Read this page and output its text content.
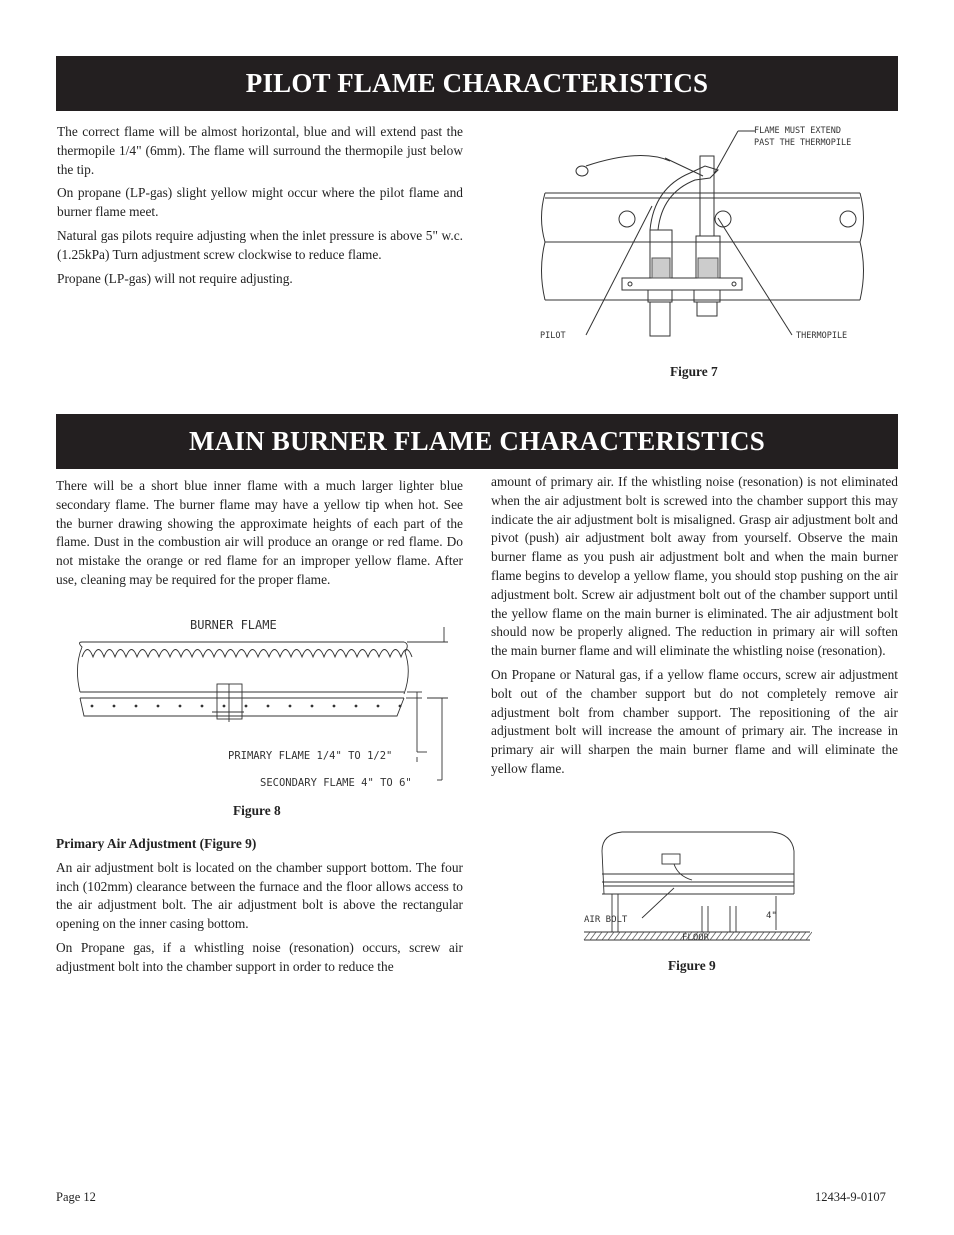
PILOT FLAME CHARACTERISTICS

The correct flame will be almost horizontal, blue and will extend past the thermopile 1/4" (6mm). The flame will surround the thermopile just below the tip.

On propane (LP-gas) slight yellow might occur where the pilot flame and burner flame meet.

Natural gas pilots require adjusting when the inlet pressure is above 5" w.c. (1.25kPa) Turn adjustment screw clockwise to reduce flame.

Propane (LP-gas) will not require adjusting.

FLAME MUST EXTEND
PAST THE THERMOPILE
PILOT	THERMOPILE
Figure 7
MAIN BURNER FLAME CHARACTERISTICS

There will be a short blue inner flame with a much larger lighter blue secondary flame. The burner flame may have a yellow tip when hot. See the burner drawing showing the approximate heights of each part of the flame. Dust in the combustion air will produce an orange or red flame. Do not mistake the orange or red flame for an improper yellow flame. After use, cleaning may be required for the proper flame.

BURNER FLAME
PRIMARY FLAME 1/4" TO 1/2"
SECONDARY FLAME 4" TO 6"
Figure 8

Primary Air Adjustment (Figure 9)

An air adjustment bolt is located on the chamber support bottom. The four inch (102mm) clearance between the furnace and the floor allows access to the air adjustment bolt. The air adjustment bolt is above the rectangular opening on the inner casing bottom.

On Propane gas, if a whistling noise (resonation) occurs, screw air adjustment bolt into the chamber support in order to reduce the

amount of primary air. If the whistling noise (resonation) is not eliminated when the air adjustment bolt is screwed into the chamber support this may indicate the air adjustment bolt is misaligned. Grasp air adjustment bolt and pivot (push) air adjustment bolt away from yourself. Observe the main burner flame as you push air adjustment bolt and when the main burner flame begins to develop a yellow flame, you should stop pushing on the air adjustment bolt. Screw air adjustment bolt out of the chamber support until the yellow flame on the main burner is eliminated. The air adjustment bolt should now be properly aligned. The reduction in primary air will soften the main burner flame and will eliminate the whistling noise (resonation).

On Propane or Natural gas, if a yellow flame occurs, screw air adjustment bolt out of the chamber support but do not completely remove air adjustment bolt from chamber support. The repositioning of the air adjustment bolt will increase the amount of primary air. The increase in primary air will sharpen the main burner flame and will eliminate the yellow flame.

AIR BOLT	4"
FLOOR
Figure 9
Page 12	12434-9-0107
